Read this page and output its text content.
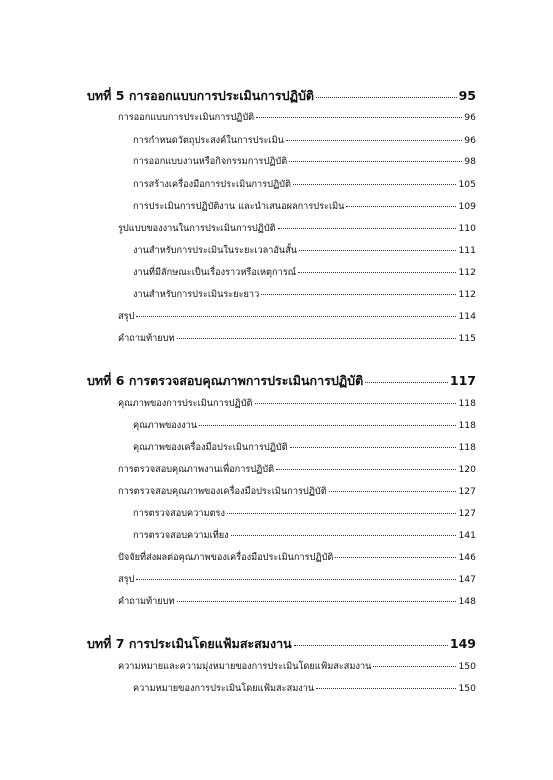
บทที่ 5 การออกแบบการประเมินการปฏิบัติ	95
การออกแบบการประเมินการปฏิบัติ	96
การกำหนดวัตถุประสงค์ในการประเมิน	96
การออกแบบงานหรือกิจกรรมการปฏิบัติ	98
การสร้างเครื่องมือการประเมินการปฏิบัติ	105
การประเมินการปฏิบัติงาน และนำเสนอผลการประเมิน	109
รูปแบบของงานในการประเมินการปฏิบัติ	110
งานสำหรับการประเมินในระยะเวลาอันสั้น	111
งานที่มีลักษณะเป็นเรื่องราวหรือเหตุการณ์	112
งานสำหรับการประเมินระยะยาว	112
สรุป	114
คำถามท้ายบท	115
บทที่ 6 การตรวจสอบคุณภาพการประเมินการปฏิบัติ	117
คุณภาพของการประเมินการปฏิบัติ	118
คุณภาพของงาน	118
คุณภาพของเครื่องมือประเมินการปฏิบัติ	118
การตรวจสอบคุณภาพงานเพื่อการปฏิบัติ	120
การตรวจสอบคุณภาพของเครื่องมือประเมินการปฏิบัติ	127
การตรวจสอบความตรง	127
การตรวจสอบความเที่ยง	141
ปัจจัยที่ส่งผลต่อคุณภาพของเครื่องมือประเมินการปฏิบัติ	146
สรุป	147
คำถามท้ายบท	148
บทที่ 7 การประเมินโดยแฟ้มสะสมงาน	149
ความหมายและความมุ่งหมายของการประเมินโดยแฟ้มสะสมงาน	150
ความหมายของการประเมินโดยแฟ้มสะสมงาน	150
